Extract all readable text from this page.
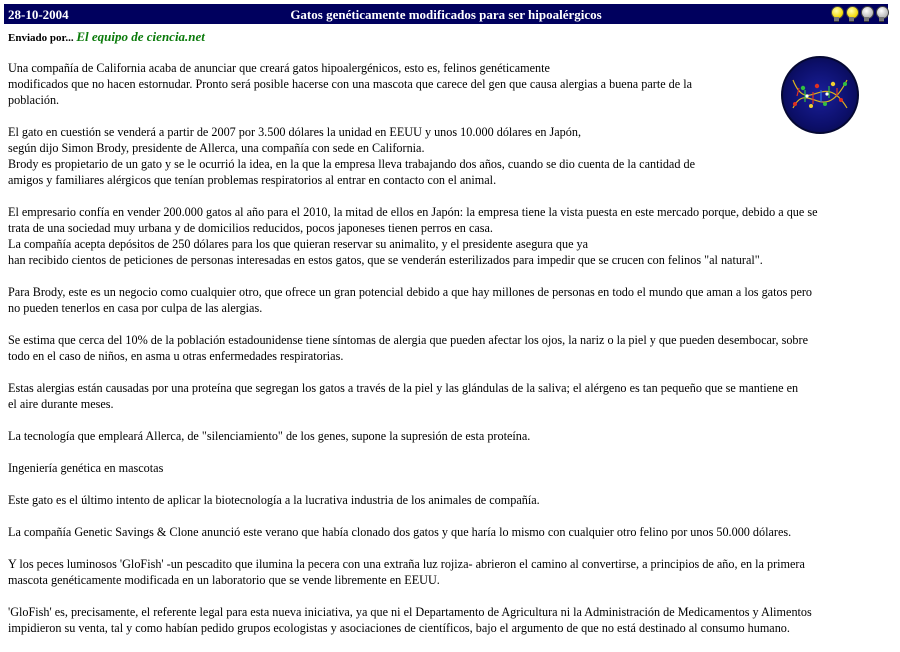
28-10-2004	Gatos genéticamente modificados para ser hipoalérgicos
Enviado por... El equipo de ciencia.net

Una compañía de California acaba de anunciar que creará gatos hipoalergénicos, esto es, felinos genéticamente
modificados que no hacen estornudar. Pronto será posible hacerse con una mascota que carece del gen que causa alergias a buena parte de la
población.

El gato en cuestión se venderá a partir de 2007 por 3.500 dólares la unidad en EEUU y unos 10.000 dólares en Japón,
según dijo Simon Brody, presidente de Allerca, una compañía con sede en California.
Brody es propietario de un gato y se le ocurrió la idea, en la que la empresa lleva trabajando dos años, cuando se dio cuenta de la cantidad de
amigos y familiares alérgicos que tenían problemas respiratorios al entrar en contacto con el animal.

El empresario confía en vender 200.000 gatos al año para el 2010, la mitad de ellos en Japón: la empresa tiene la vista puesta en este mercado porque, debido a que se
trata de una sociedad muy urbana y de domicilios reducidos, pocos japoneses tienen perros en casa.
La compañía acepta depósitos de 250 dólares para los que quieran reservar su animalito, y el presidente asegura que ya
han recibido cientos de peticiones de personas interesadas en estos gatos, que se venderán esterilizados para impedir que se crucen con felinos "al natural".

Para Brody, este es un negocio como cualquier otro, que ofrece un gran potencial debido a que hay millones de personas en todo el mundo que aman a los gatos pero
no pueden tenerlos en casa por culpa de las alergias.

Se estima que cerca del 10% de la población estadounidense tiene síntomas de alergia que pueden afectar los ojos, la nariz o la piel y que pueden desembocar, sobre
todo en el caso de niños, en asma u otras enfermedades respiratorias.

Estas alergias están causadas por una proteína que segregan los gatos a través de la piel y las glándulas de la saliva; el alérgeno es tan pequeño que se mantiene en
el aire durante meses.

La tecnología que empleará Allerca, de "silenciamiento" de los genes, supone la supresión de esta proteína.

Ingeniería genética en mascotas

Este gato es el último intento de aplicar la biotecnología a la lucrativa industria de los animales de compañía.

La compañía Genetic Savings & Clone anunció este verano que había clonado dos gatos y que haría lo mismo con cualquier otro felino por unos 50.000 dólares.

Y los peces luminosos 'GloFish' -un pescadito que ilumina la pecera con una extraña luz rojiza- abrieron el camino al convertirse, a principios de año, en la primera
mascota genéticamente modificada en un laboratorio que se vende libremente en EEUU.

'GloFish' es, precisamente, el referente legal para esta nueva iniciativa, ya que ni el Departamento de Agricultura ni la Administración de Medicamentos y Alimentos
impidieron su venta, tal y como habían pedido grupos ecologistas y asociaciones de científicos, bajo el argumento de que no está destinado al consumo humano.
